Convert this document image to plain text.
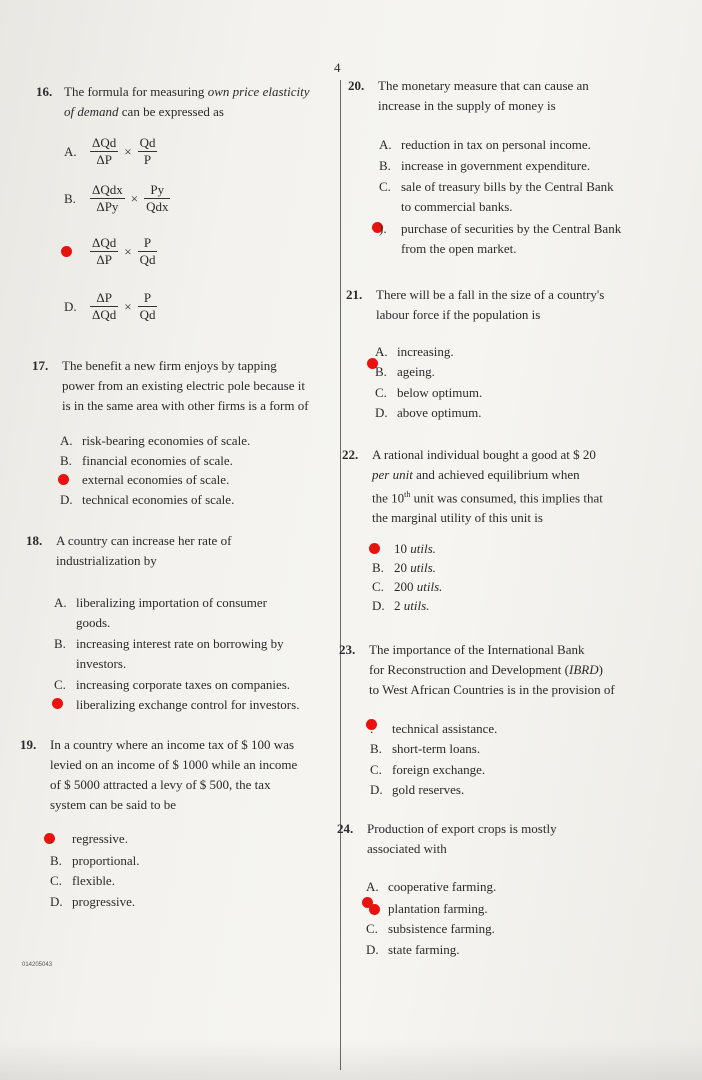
4
16. The formula for measuring own price elasticity
of demand can be expressed as
A.	$\frac{\text{ΔQd}}{\Delta P} \times \frac{Qd}{P}$
B.	$\frac{\text{ΔQdx}}{\text{ΔPy}} \times \frac{Py}{\text{Qdx}}$
$\frac{\text{ΔQd}}{\Delta P} \times \frac{P}{Qd}$
D.	$\frac{\Delta P}{\text{ΔQd}} \times \frac{P}{Qd}$
17. The benefit a new firm enjoys by tapping
power from an existing electric pole because it
is in the same area with other firms is a form of
A. risk-bearing economies of scale.
B. financial economies of scale.
external economies of scale.
D. technical economies of scale.
18. A country can increase her rate of
industrialization by
A. liberalizing importation of consumer
goods.
B. increasing interest rate on borrowing by
investors.
C. increasing corporate taxes on companies.
liberalizing exchange control for investors.
19. In a country where an income tax of $ 100 was
levied on an income of $ 1000 while an income
of $ 5000 attracted a levy of $ 500, the tax
system can be said to be
. regressive.
B. proportional.
C. flexible.
D. progressive.
014205043
20. The monetary measure that can cause an
increase in the supply of money is
A. reduction in tax on personal income.
B. increase in government expenditure.
C. sale of treasury bills by the Central Bank
to commercial banks.
). purchase of securities by the Central Bank
from the open market.
21. There will be a fall in the size of a country's
labour force if the population is
A. increasing.
B. ageing.
C. below optimum.
D. above optimum.
22. A rational individual bought a good at $ 20
per unit and achieved equilibrium when
the 10th unit was consumed, this implies that
the marginal utility of this unit is
10 utils.
B. 20 utils.
C. 200 utils.
D. 2 utils.
23. The importance of the International Bank
for Reconstruction and Development (IBRD)
to West African Countries is in the provision of
. technical assistance.
B. short-term loans.
C. foreign exchange.
D. gold reserves.
24. Production of export crops is mostly
associated with
A. cooperative farming.
plantation farming.
C. subsistence farming.
D. state farming.
